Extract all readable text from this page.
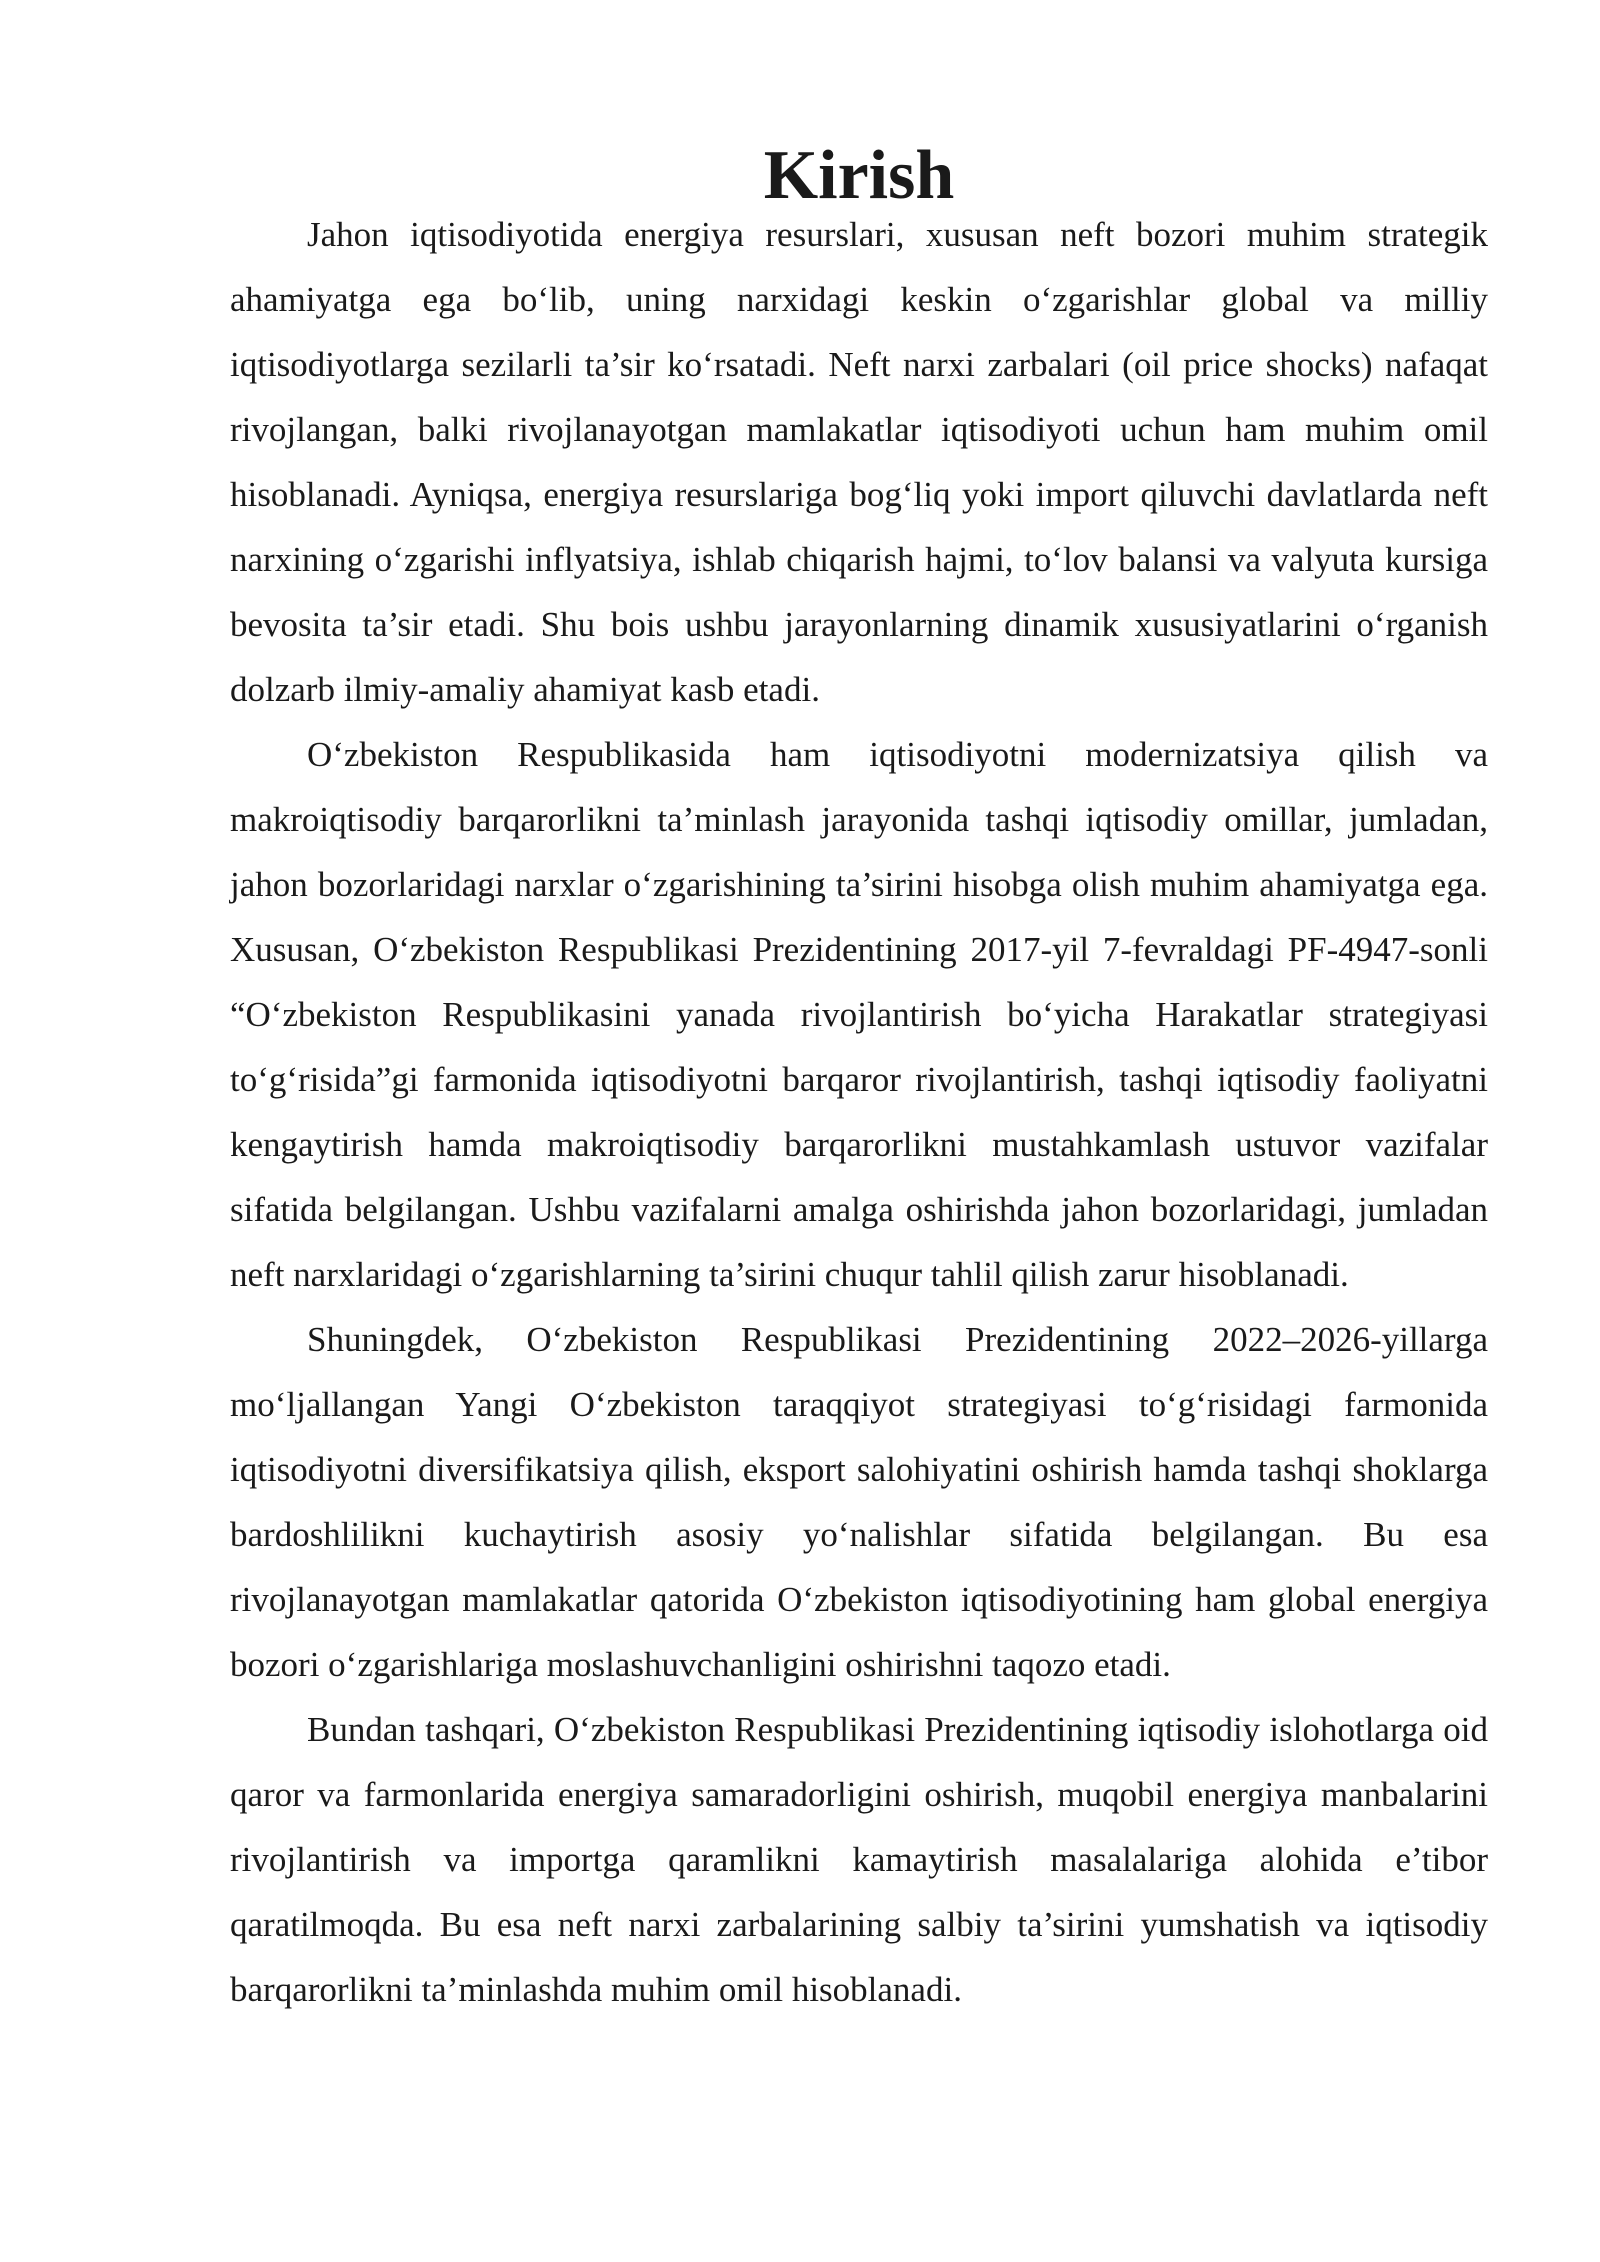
Kirish

Jahon iqtisodiyotida energiya resurslari, xususan neft bozori muhim strategik ahamiyatga ega bo‘lib, uning narxidagi keskin o‘zgarishlar global va milliy iqtisodiyotlarga sezilarli ta’sir ko‘rsatadi. Neft narxi zarbalari (oil price shocks) nafaqat rivojlangan, balki rivojlanayotgan mamlakatlar iqtisodiyoti uchun ham muhim omil hisoblanadi. Ayniqsa, energiya resurslariga bog‘liq yoki import qiluvchi davlatlarda neft narxining o‘zgarishi inflyatsiya, ishlab chiqarish hajmi, to‘lov balansi va valyuta kursiga bevosita ta’sir etadi. Shu bois ushbu jarayonlarning dinamik xususiyatlarini o‘rganish dolzarb ilmiy-amaliy ahamiyat kasb etadi.

O‘zbekiston Respublikasida ham iqtisodiyotni modernizatsiya qilish va makroiqtisodiy barqarorlikni ta’minlash jarayonida tashqi iqtisodiy omillar, jumladan, jahon bozorlaridagi narxlar o‘zgarishining ta’sirini hisobga olish muhim ahamiyatga ega. Xususan, O‘zbekiston Respublikasi Prezidentining 2017-yil 7-fevraldagi PF-4947-sonli “O‘zbekiston Respublikasini yanada rivojlantirish bo‘yicha Harakatlar strategiyasi to‘g‘risida”gi farmonida iqtisodiyotni barqaror rivojlantirish, tashqi iqtisodiy faoliyatni kengaytirish hamda makroiqtisodiy barqarorlikni mustahkamlash ustuvor vazifalar sifatida belgilangan. Ushbu vazifalarni amalga oshirishda jahon bozorlaridagi, jumladan neft narxlaridagi o‘zgarishlarning ta’sirini chuqur tahlil qilish zarur hisoblanadi.

Shuningdek, O‘zbekiston Respublikasi Prezidentining 2022–2026-yillarga mo‘ljallangan Yangi O‘zbekiston taraqqiyot strategiyasi to‘g‘risidagi farmonida iqtisodiyotni diversifikatsiya qilish, eksport salohiyatini oshirish hamda tashqi shoklarga bardoshlilikni kuchaytirish asosiy yo‘nalishlar sifatida belgilangan. Bu esa rivojlanayotgan mamlakatlar qatorida O‘zbekiston iqtisodiyotining ham global energiya bozori o‘zgarishlariga moslashuvchanligini oshirishni taqozo etadi.

Bundan tashqari, O‘zbekiston Respublikasi Prezidentining iqtisodiy islohotlarga oid qaror va farmonlarida energiya samaradorligini oshirish, muqobil energiya manbalarini rivojlantirish va importga qaramlikni kamaytirish masalalariga alohida e’tibor qaratilmoqda. Bu esa neft narxi zarbalarining salbiy ta’sirini yumshatish va iqtisodiy barqarorlikni ta’minlashda muhim omil hisoblanadi.
